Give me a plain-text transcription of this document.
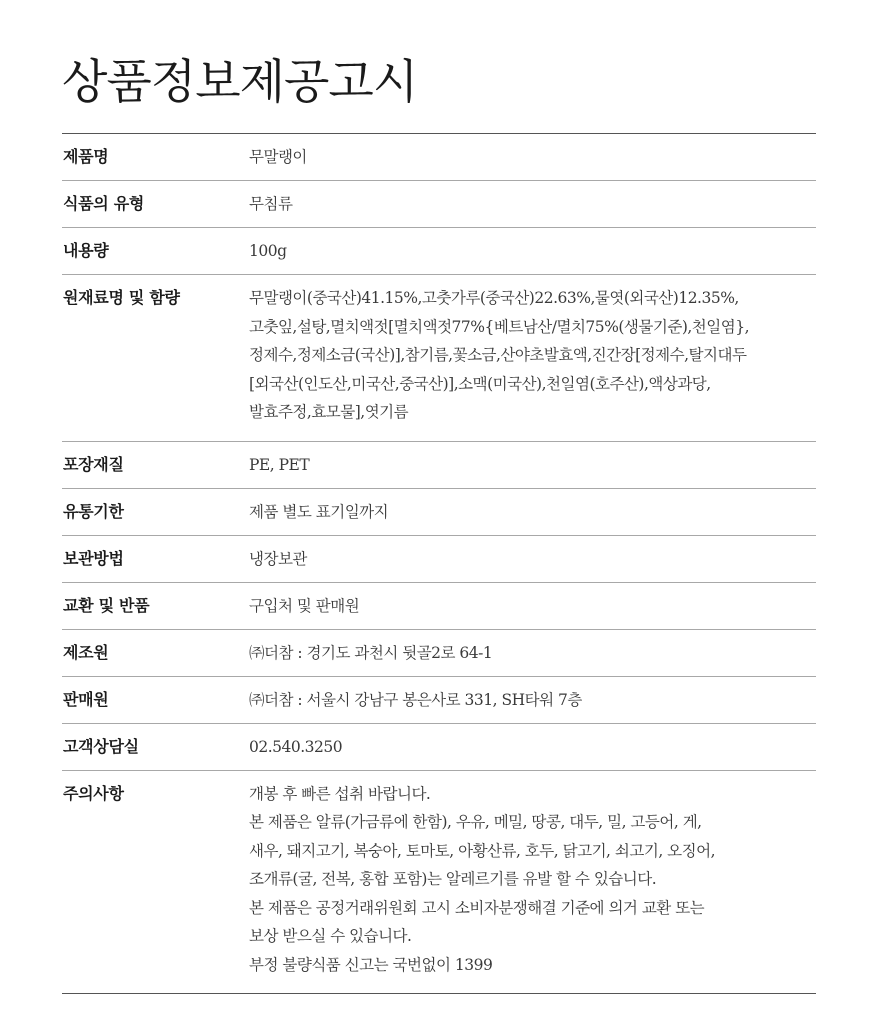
상품정보제공고시
제품명	무말랭이
식품의 유형	무침류
내용량	100g
원재료명 및 함량	무말랭이(중국산)41.15%,고춧가루(중국산)22.63%,물엿(외국산)12.35%,
고춧잎,설탕,멸치액젓[멸치액젓77%{베트남산/멸치75%(생물기준),천일염},
정제수,정제소금(국산)],참기름,꽃소금,산야초발효액,진간장[정제수,탈지대두
[외국산(인도산,미국산,중국산)],소맥(미국산),천일염(호주산),액상과당,
발효주정,효모물],엿기름
포장재질	PE, PET
유통기한	제품 별도 표기일까지
보관방법	냉장보관
교환 및 반품	구입처 및 판매원
제조원	㈜더참 : 경기도 과천시 뒷골2로 64-1
판매원	㈜더참 : 서울시 강남구 봉은사로 331, SH타워 7층
고객상담실	02.540.3250
주의사항	개봉 후 빠른 섭취 바랍니다.
본 제품은 알류(가금류에 한함), 우유, 메밀, 땅콩, 대두, 밀, 고등어, 게,
새우, 돼지고기, 복숭아, 토마토, 아황산류, 호두, 닭고기, 쇠고기, 오징어,
조개류(굴, 전복, 홍합 포함)는 알레르기를 유발 할 수 있습니다.
본 제품은 공정거래위원회 고시 소비자분쟁해결 기준에 의거 교환 또는
보상 받으실 수 있습니다.
부정 불량식품 신고는 국번없이 1399
